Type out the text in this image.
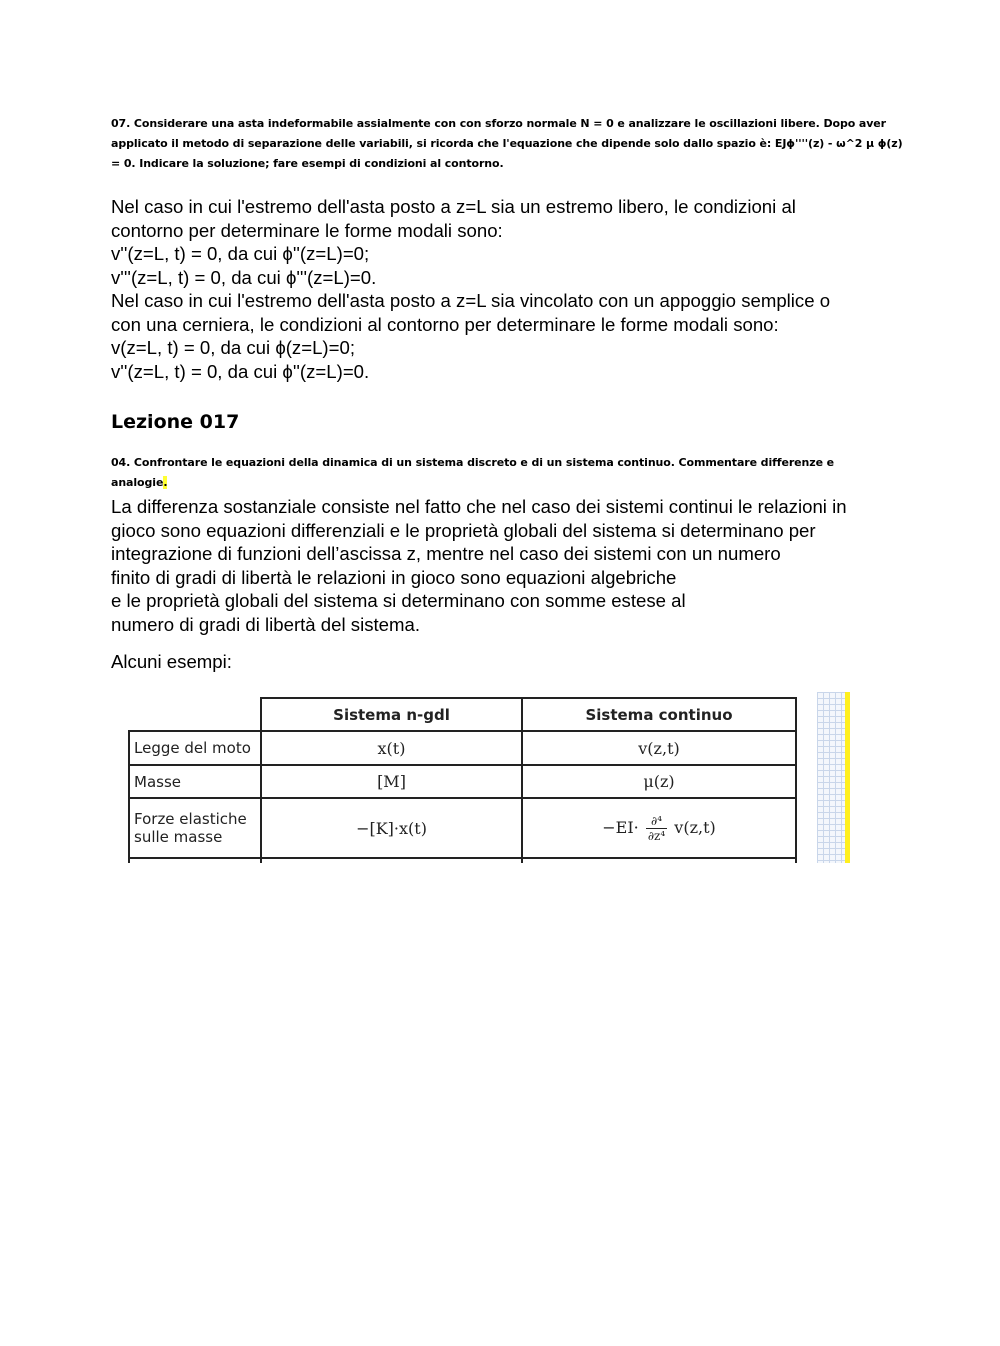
07. Considerare una asta indeformabile assialmente con con sforzo normale N = 0 e analizzare le oscillazioni libere. Dopo aver
applicato il metodo di separazione delle variabili, si ricorda che l'equazione che dipende solo dallo spazio è: EJϕ''''(z) - ω^2 μ ϕ(z)
= 0. Indicare la soluzione; fare esempi di condizioni al contorno.
Nel caso in cui l'estremo dell'asta posto a z=L sia un estremo libero, le condizioni al
contorno per determinare le forme modali sono:
v''(z=L, t) = 0, da cui ϕ''(z=L)=0;
v'''(z=L, t) = 0, da cui ϕ'''(z=L)=0.
Nel caso in cui l'estremo dell'asta posto a z=L sia vincolato con un appoggio semplice o
con una cerniera, le condizioni al contorno per determinare le forme modali sono:
v(z=L, t) = 0, da cui ϕ(z=L)=0;
v''(z=L, t) = 0, da cui ϕ''(z=L)=0.
Lezione 017
04. Confrontare le equazioni della dinamica di un sistema discreto e di un sistema continuo. Commentare differenze e analogie.
La differenza sostanziale consiste nel fatto che nel caso dei sistemi continui le relazioni in
gioco sono equazioni differenziali e le proprietà globali del sistema si determinano per
integrazione di funzioni dell’ascissa z, mentre nel caso dei sistemi con un numero
finito di gradi di libertà le relazioni in gioco sono equazioni algebriche
e le proprietà globali del sistema si determinano con somme estese al
numero di gradi di libertà del sistema.
Alcuni esempi:
	Sistema n-gdl	Sistema continuo
Legge del moto	x(t)	v(z,t)
Masse	[M]	μ(z)

Forze elastiche
sulle masse	−[K]·x(t)	$-EI\cdot \frac{\text{∂⁴}}{\text{∂z⁴}} v(z,t)$
